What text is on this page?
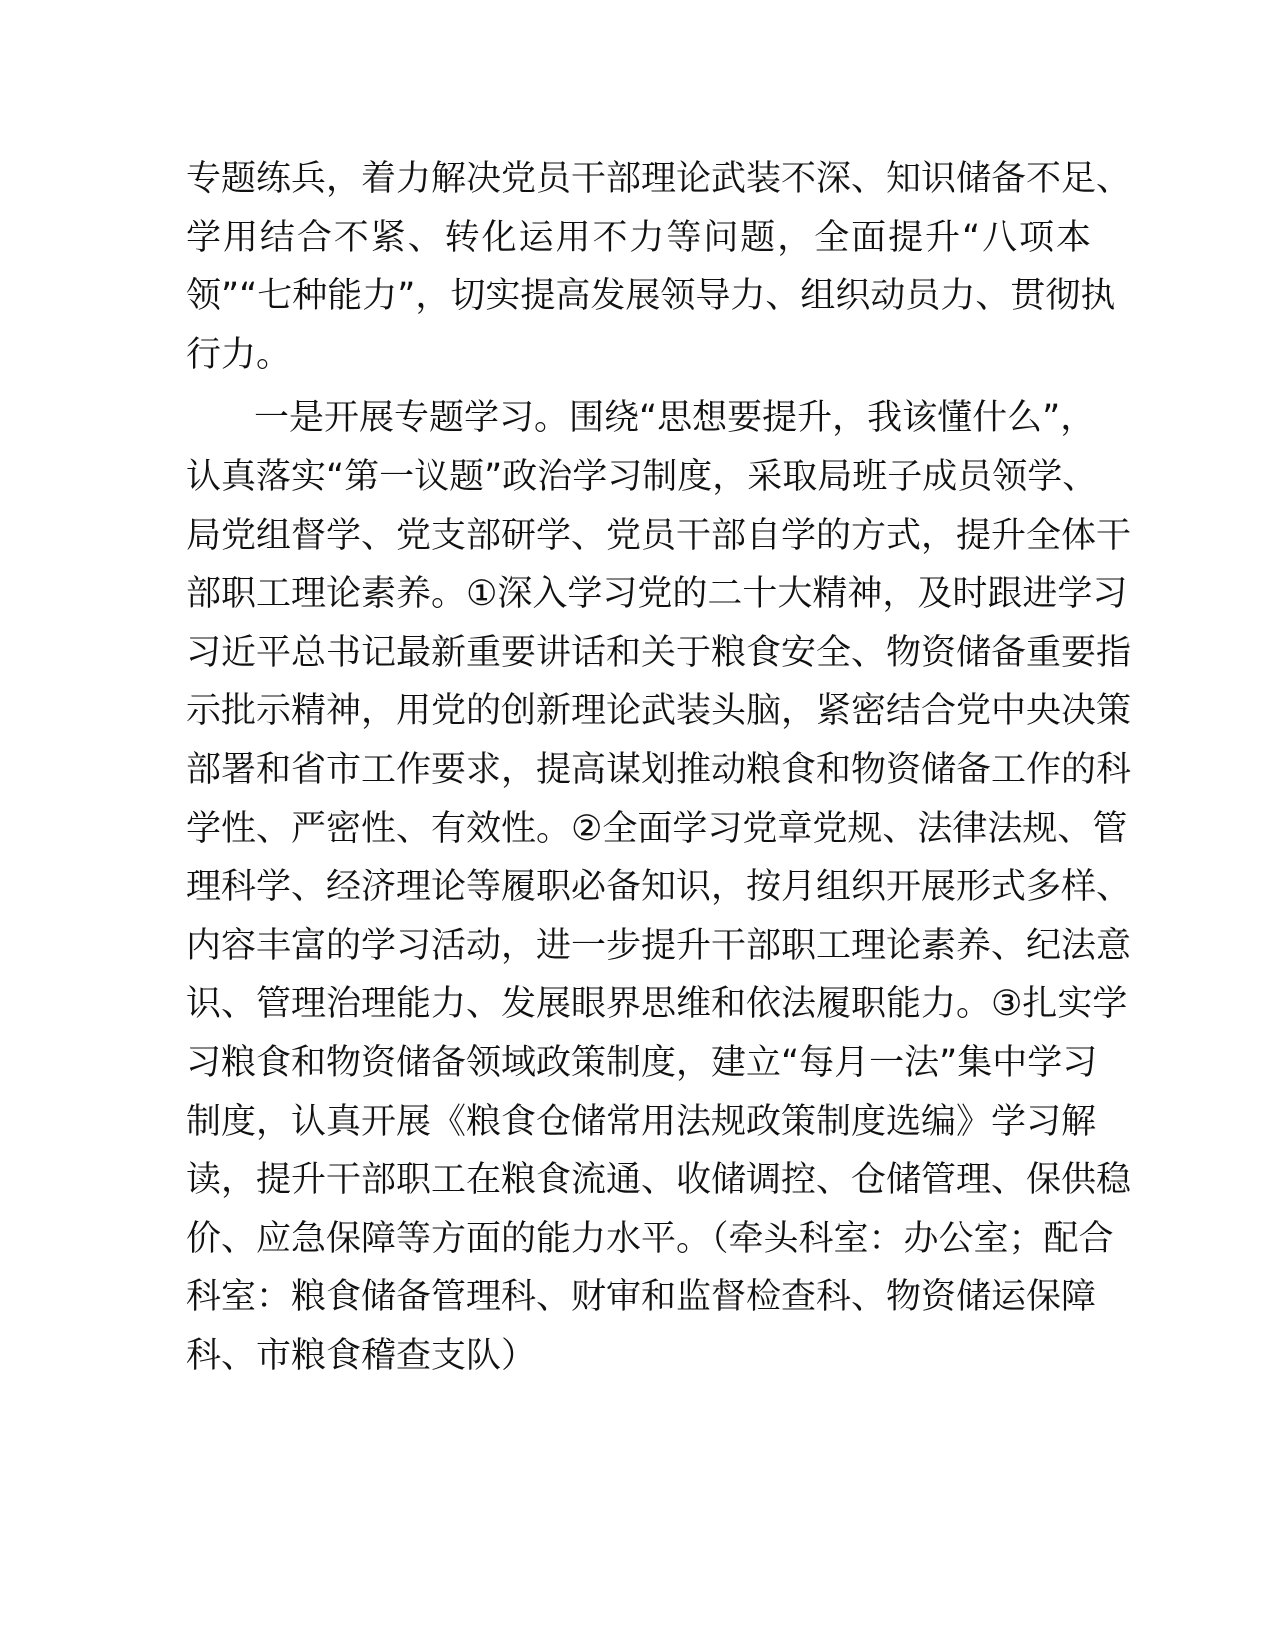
专题练兵，着力解决党员干部理论武装不深、知识储备不足、
学用结合不紧、转化运用不力等问题，全面提升“八项本
领”“七种能力”，切实提高发展领导力、组织动员力、贯彻执
行力。
一是开展专题学习。围绕“思想要提升，我该懂什么”，
认真落实“第一议题”政治学习制度，采取局班子成员领学、
局党组督学、党支部研学、党员干部自学的方式，提升全体干
部职工理论素养。①深入学习党的二十大精神，及时跟进学习
习近平总书记最新重要讲话和关于粮食安全、物资储备重要指
示批示精神，用党的创新理论武装头脑，紧密结合党中央决策
部署和省市工作要求，提高谋划推动粮食和物资储备工作的科
学性、严密性、有效性。②全面学习党章党规、法律法规、管
理科学、经济理论等履职必备知识，按月组织开展形式多样、
内容丰富的学习活动，进一步提升干部职工理论素养、纪法意
识、管理治理能力、发展眼界思维和依法履职能力。③扎实学
习粮食和物资储备领域政策制度，建立“每月一法”集中学习
制度，认真开展《粮食仓储常用法规政策制度选编》学习解
读，提升干部职工在粮食流通、收储调控、仓储管理、保供稳
价、应急保障等方面的能力水平。（牵头科室：办公室；配合
科室：粮食储备管理科、财审和监督检查科、物资储运保障
科、市粮食稽查支队）
